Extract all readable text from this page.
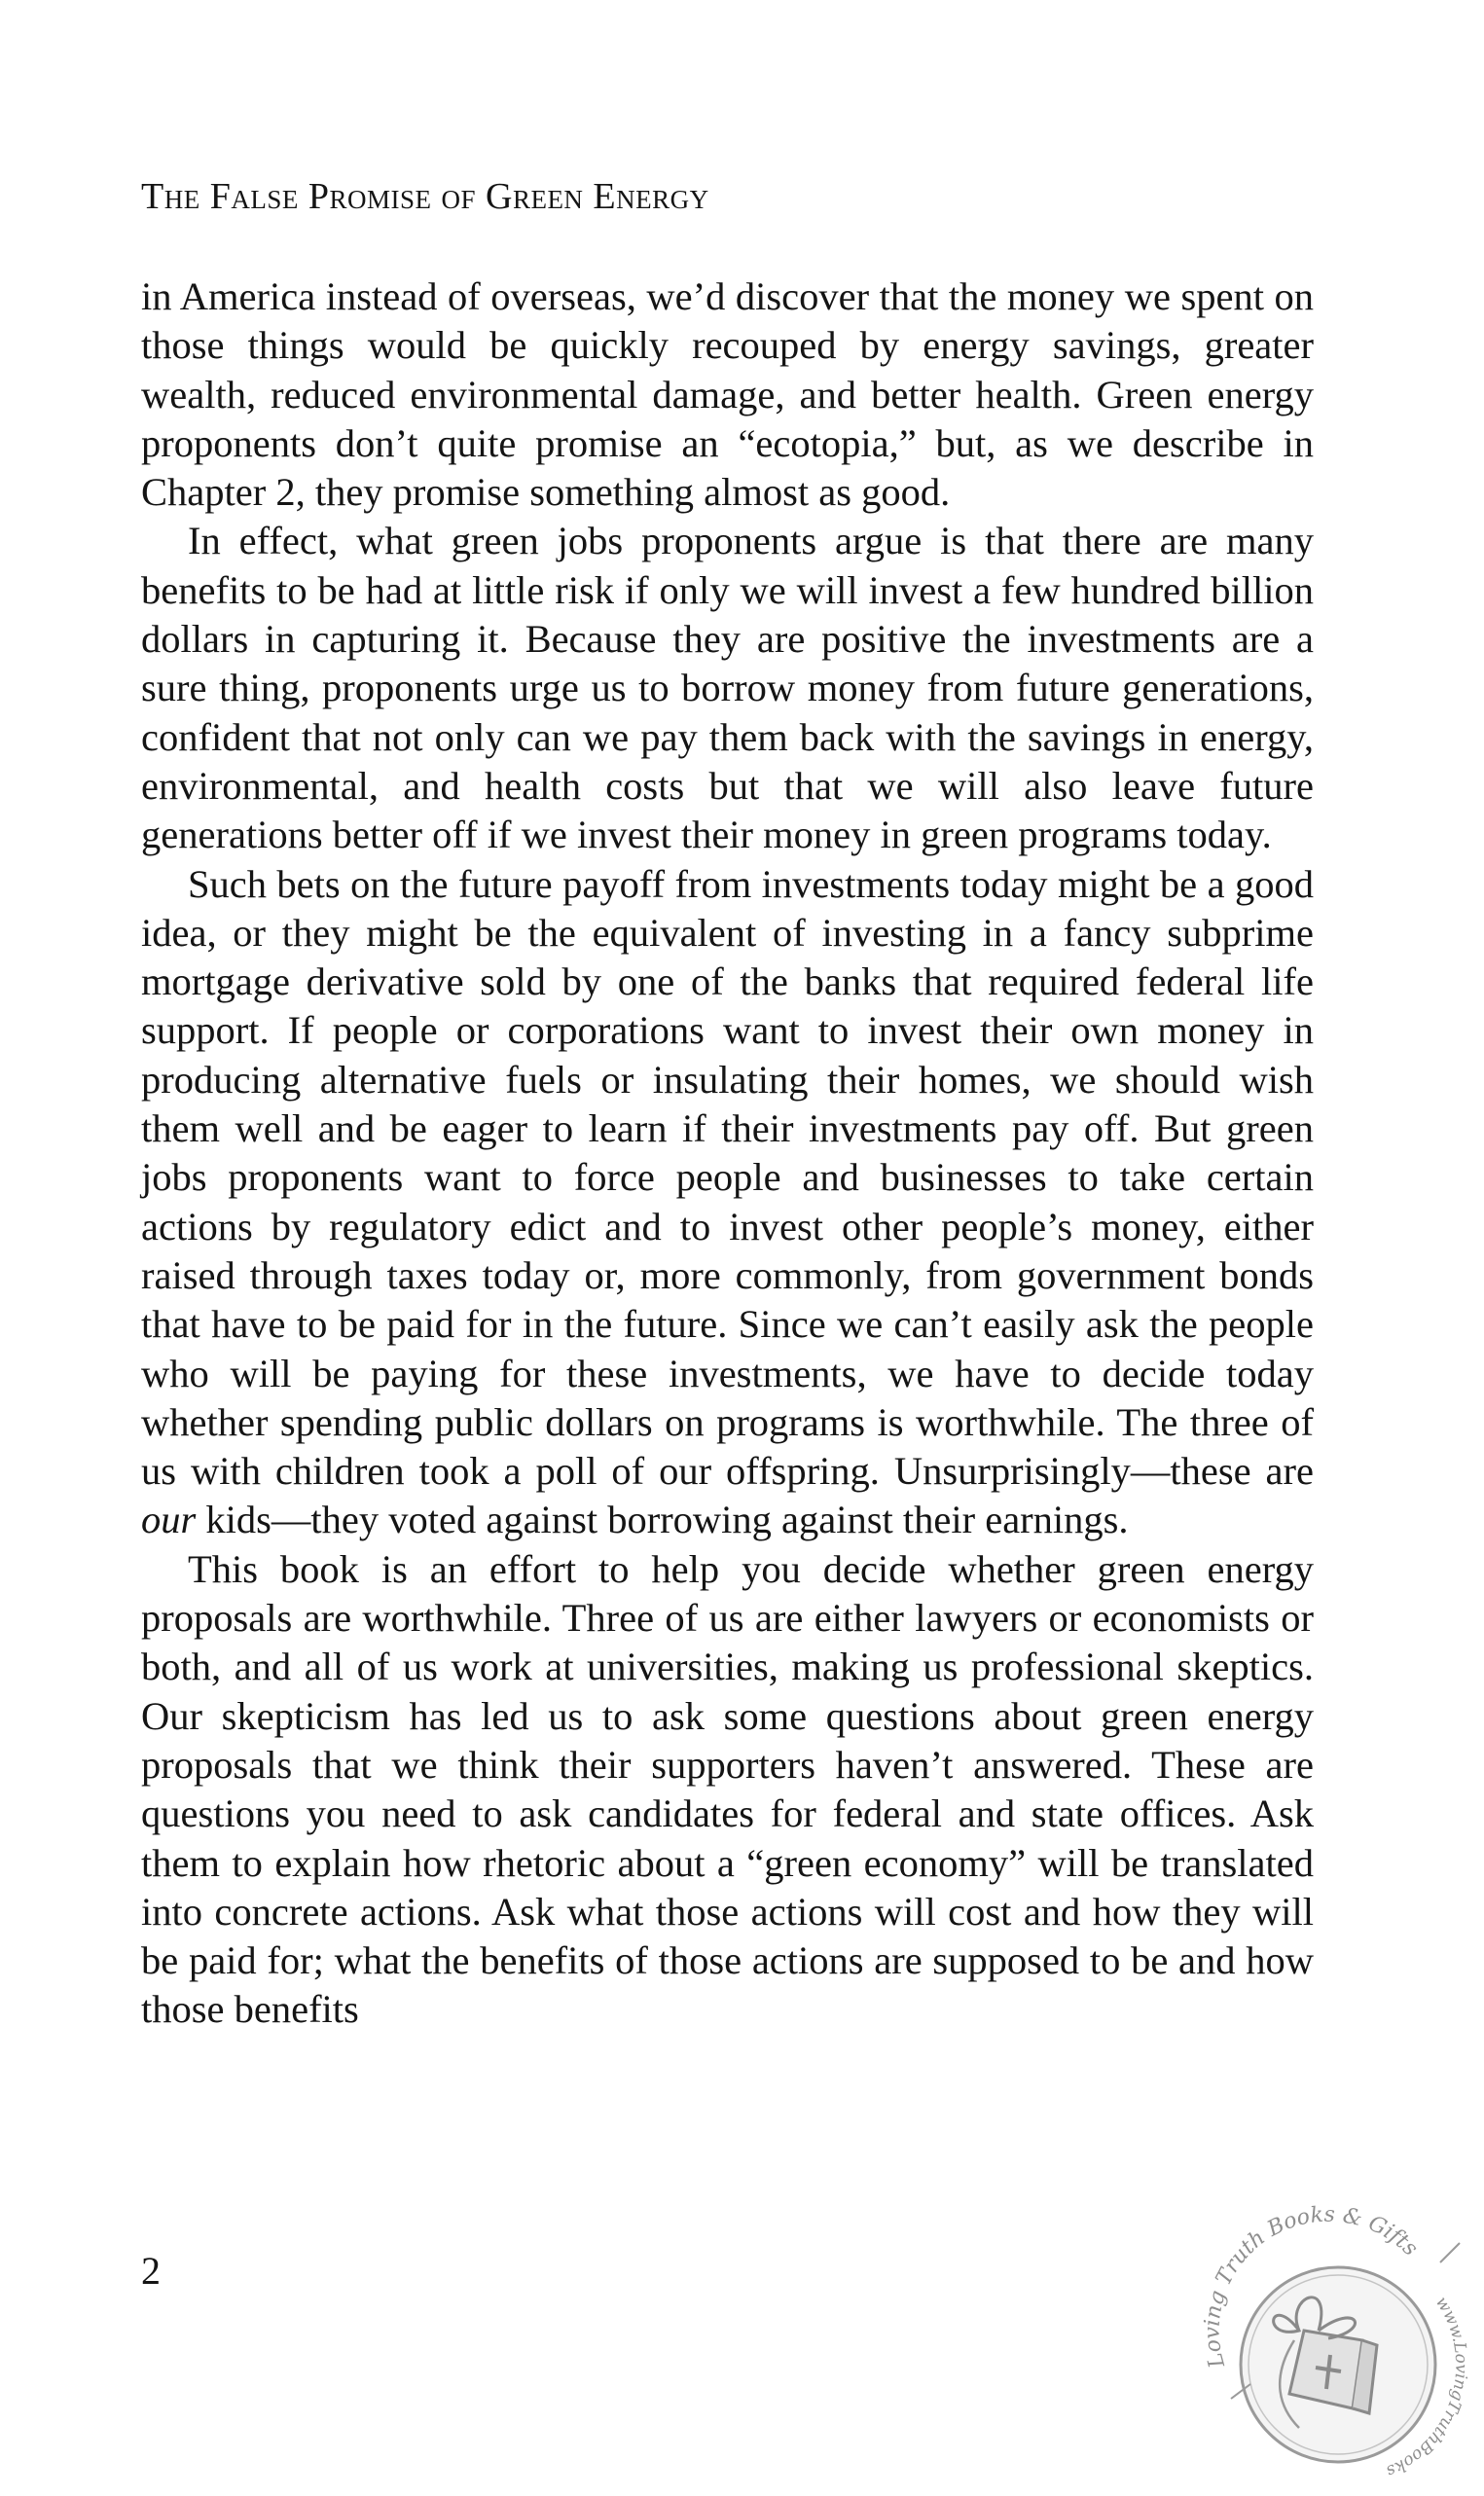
The False Promise of Green Energy

in America instead of overseas, we’d discover that the money we spent on those things would be quickly recouped by energy savings, greater wealth, reduced environmental damage, and better health. Green energy proponents don’t quite promise an “ecotopia,” but, as we describe in Chapter 2, they promise something almost as good.

In effect, what green jobs proponents argue is that there are many benefits to be had at little risk if only we will invest a few hundred billion dollars in capturing it. Because they are positive the investments are a sure thing, proponents urge us to borrow money from future generations, confident that not only can we pay them back with the savings in energy, environmental, and health costs but that we will also leave future generations better off if we invest their money in green programs today.

Such bets on the future payoff from investments today might be a good idea, or they might be the equivalent of investing in a fancy subprime mortgage derivative sold by one of the banks that required federal life support. If people or corporations want to invest their own money in producing alternative fuels or insulating their homes, we should wish them well and be eager to learn if their investments pay off. But green jobs proponents want to force people and businesses to take certain actions by regulatory edict and to invest other people’s money, either raised through taxes today or, more commonly, from government bonds that have to be paid for in the future. Since we can’t easily ask the people who will be paying for these investments, we have to decide today whether spending public dollars on programs is worthwhile. The three of us with children took a poll of our offspring. Unsurprisingly—these are our kids—they voted against borrowing against their earnings.

This book is an effort to help you decide whether green energy proposals are worthwhile. Three of us are either lawyers or economists or both, and all of us work at universities, making us professional skeptics. Our skepticism has led us to ask some questions about green energy proposals that we think their supporters haven’t answered. These are questions you need to ask candidates for federal and state offices. Ask them to explain how rhetoric about a “green economy” will be translated into concrete actions. Ask what those actions will cost and how they will be paid for; what the benefits of those actions are supposed to be and how those benefits

2
Loving Truth Books & Gifts
www.LovingTruthBooks
